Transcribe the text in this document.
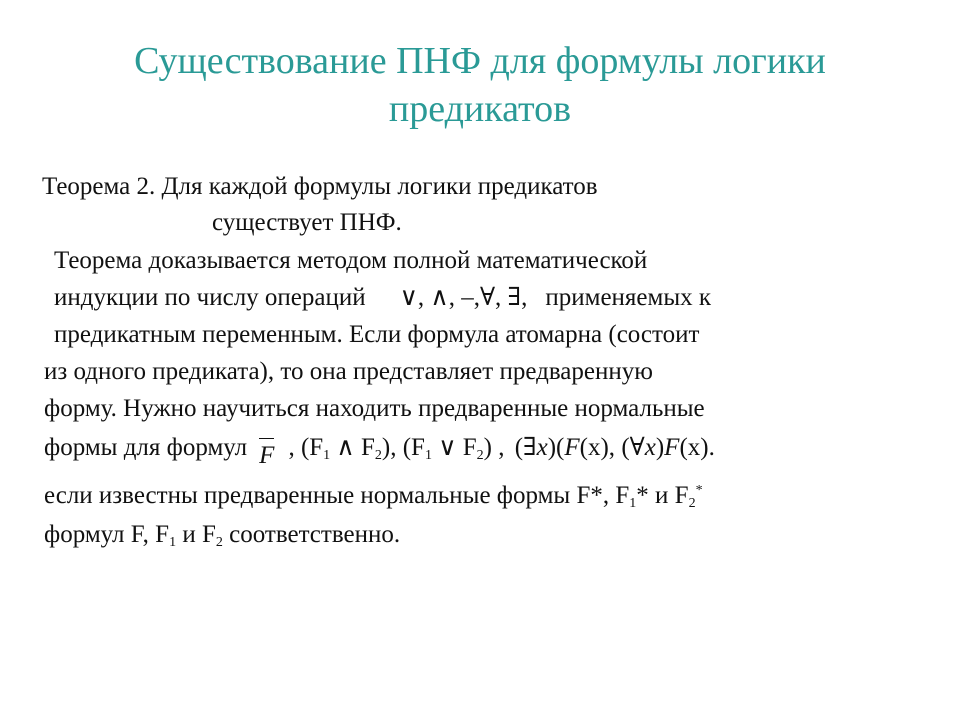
Существование ПНФ для формулы логики
предикатов
Теорема 2. Для каждой формулы логики предикатов
существует ПНФ.
Теорема доказывается методом полной математической
индукции по числу операций ∨, ∧, –,∀, ∃, применяемых к
предикатным переменным. Если формула атомарна (состоит
из одного предиката), то она представляет предваренную
форму. Нужно научиться находить предваренные нормальные
формы для формул F , ($F_1$ ∧ $F_2$), ($F_1$ ∨ $F_2$) , (∃x)(F(x), (∀x)F(x).
если известны предваренные нормальные формы F*, $F_1*$ и $F_2^*$
формул F, $F_1$ и $F_2$ соответственно.
